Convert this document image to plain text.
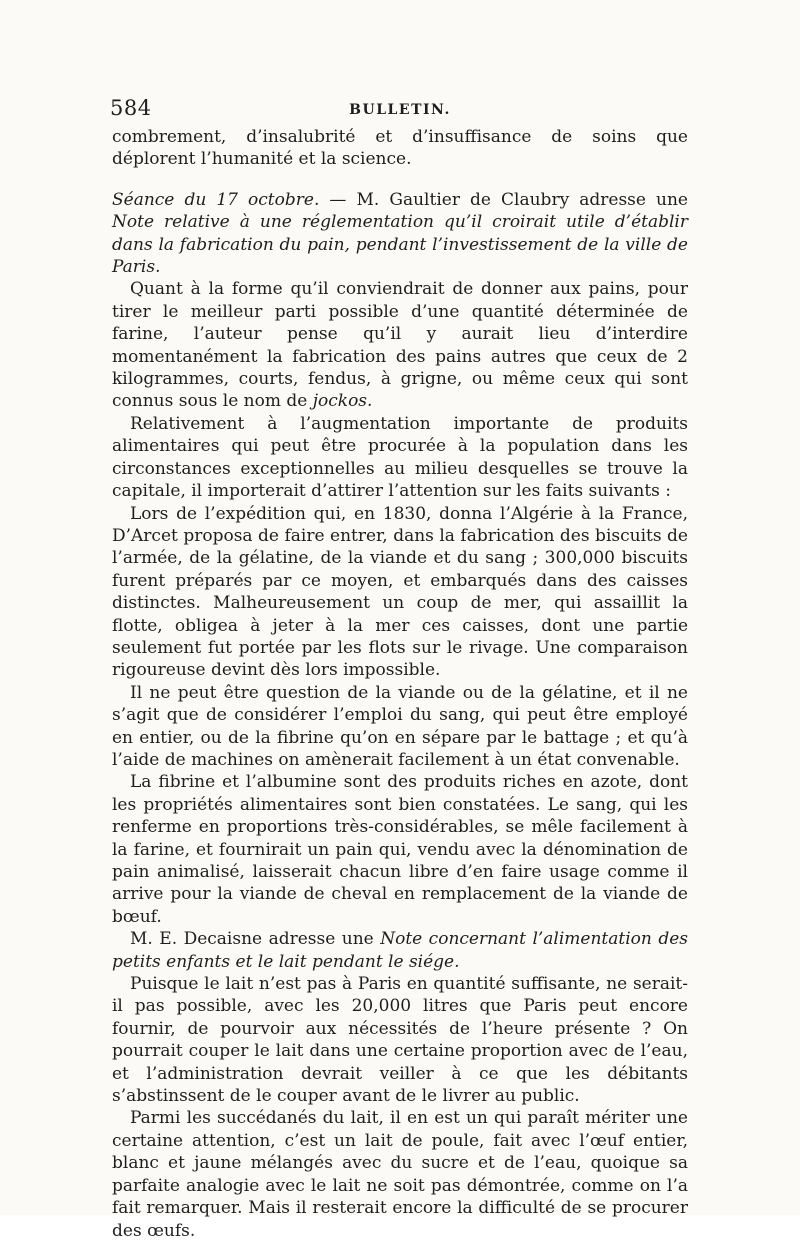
584	BULLETIN.

combrement, d’insalubrité et d’insuffisance de soins que déplorent l’humanité et la science.

Séance du 17 octobre. — M. Gaultier de Claubry adresse une Note relative à une réglementation qu’il croirait utile d’établir dans la fabrication du pain, pendant l’investissement de la ville de Paris.

Quant à la forme qu’il conviendrait de donner aux pains, pour tirer le meilleur parti possible d’une quantité déterminée de farine, l’auteur pense qu’il y aurait lieu d’interdire momentanément la fabrication des pains autres que ceux de 2 kilogrammes, courts, fendus, à grigne, ou même ceux qui sont connus sous le nom de jockos.

Relativement à l’augmentation importante de produits alimentaires qui peut être procurée à la population dans les circonstances exceptionnelles au milieu desquelles se trouve la capitale, il importerait d’attirer l’attention sur les faits suivants :

Lors de l’expédition qui, en 1830, donna l’Algérie à la France, D’Arcet proposa de faire entrer, dans la fabrication des biscuits de l’armée, de la gélatine, de la viande et du sang ; 300,000 biscuits furent préparés par ce moyen, et embarqués dans des caisses distinctes. Malheureusement un coup de mer, qui assaillit la flotte, obligea à jeter à la mer ces caisses, dont une partie seulement fut portée par les flots sur le rivage. Une comparaison rigoureuse devint dès lors impossible.

Il ne peut être question de la viande ou de la gélatine, et il ne s’agit que de considérer l’emploi du sang, qui peut être employé en entier, ou de la fibrine qu’on en sépare par le battage ; et qu’à l’aide de machines on amènerait facilement à un état convenable.

La fibrine et l’albumine sont des produits riches en azote, dont les propriétés alimentaires sont bien constatées. Le sang, qui les renferme en proportions très-considérables, se mêle facilement à la farine, et fournirait un pain qui, vendu avec la dénomination de pain animalisé, laisserait chacun libre d’en faire usage comme il arrive pour la viande de cheval en remplacement de la viande de bœuf.

M. E. Decaisne adresse une Note concernant l’alimentation des petits enfants et le lait pendant le siége.

Puisque le lait n’est pas à Paris en quantité suffisante, ne serait-il pas possible, avec les 20,000 litres que Paris peut encore fournir, de pourvoir aux nécessités de l’heure présente ? On pourrait couper le lait dans une certaine proportion avec de l’eau, et l’administration devrait veiller à ce que les débitants s’abstinssent de le couper avant de le livrer au public.

Parmi les succédanés du lait, il en est un qui paraît mériter une certaine attention, c’est un lait de poule, fait avec l’œuf entier, blanc et jaune mélangés avec du sucre et de l’eau, quoique sa parfaite analogie avec le lait ne soit pas démontrée, comme on l’a fait remarquer. Mais il resterait encore la difficulté de se procurer des œufs.
